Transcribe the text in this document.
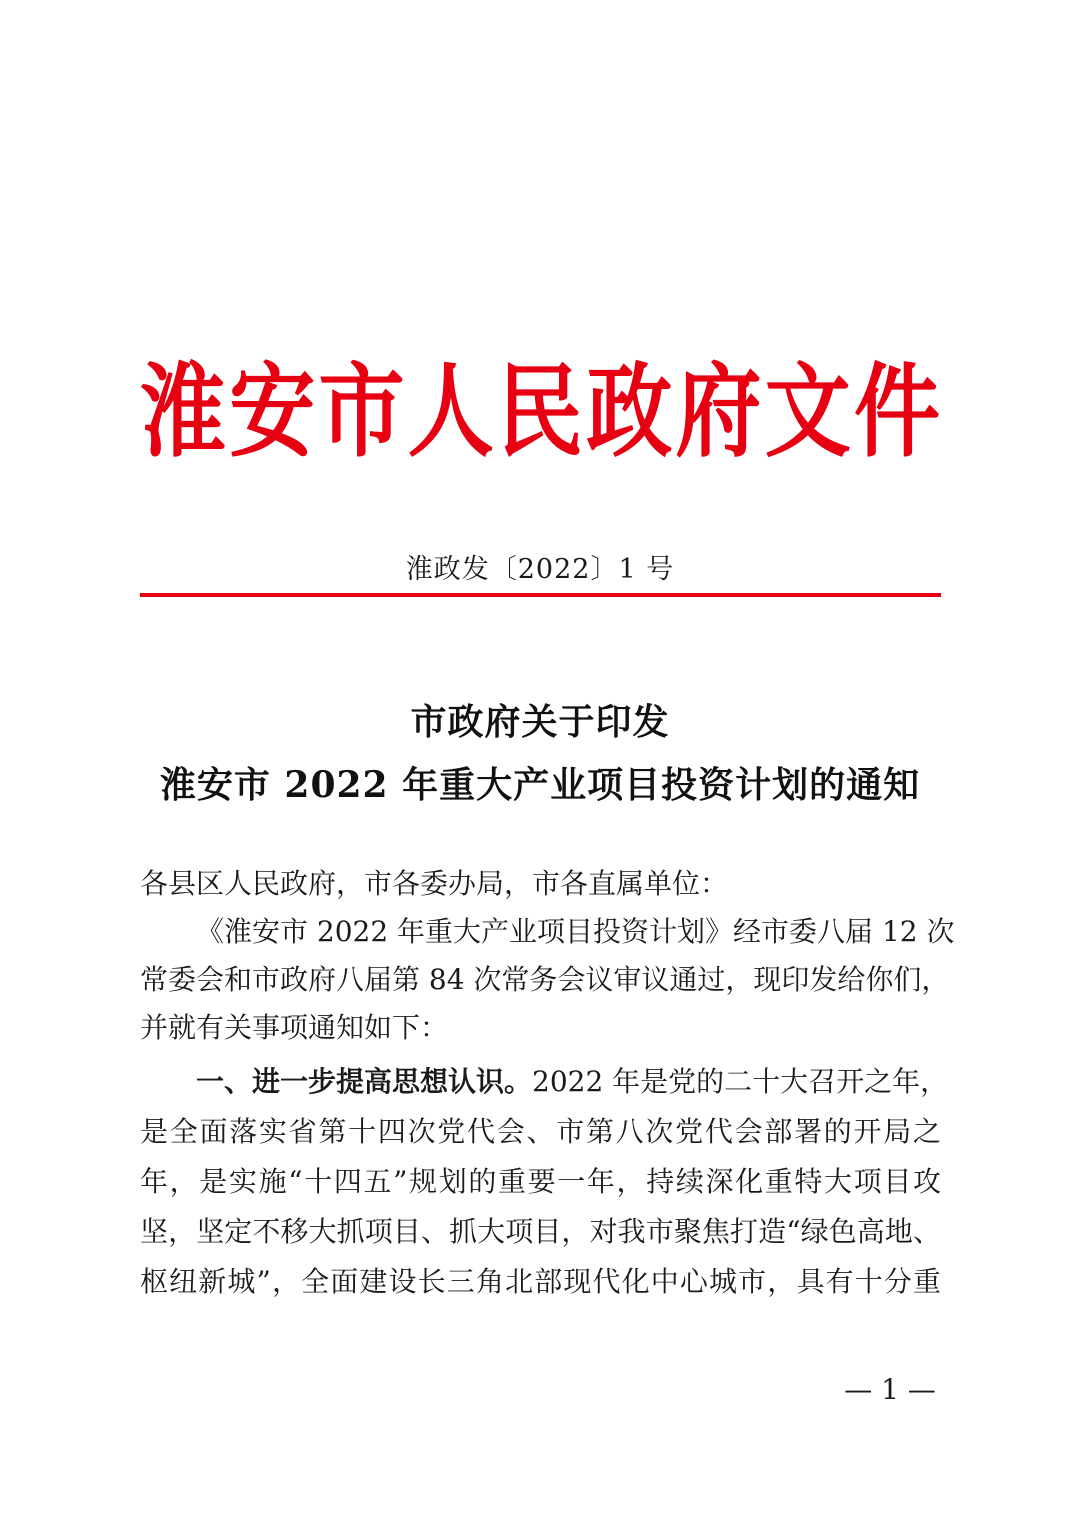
淮 安 市 人 民 政 府 文 件
淮政发〔2022〕1 号
市政府关于印发
淮安市 2022 年重大产业项目投资计划的通知
各县区人民政府，市各委办局，市各直属单位：
《淮安市 2022 年重大产业项目投资计划》经市委八届 12 次
常委会和市政府八届第 84 次常务会议审议通过，现印发给你们，
并就有关事项通知如下：
一、进一步提高思想认识。2022 年是党的二十大召开之年，
是全面落实省第十四次党代会、市第八次党代会部署的开局之
年，是实施“十四五”规划的重要一年，持续深化重特大项目攻
坚，坚定不移大抓项目、抓大项目，对我市聚焦打造“绿色高地、
枢纽新城”，全面建设长三角北部现代化中心城市，具有十分重
— 1 —
